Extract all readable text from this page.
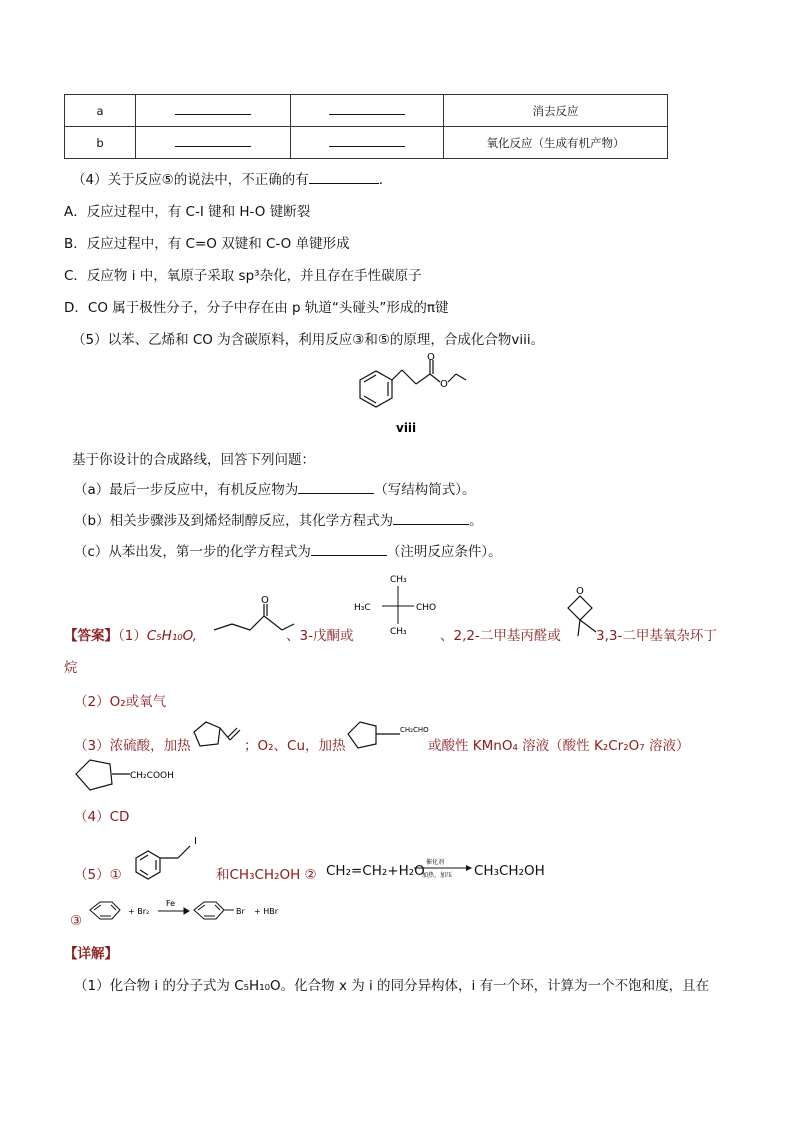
a			消去反应
b			氧化反应（生成有机产物）
（4）关于反应⑤的说法中，不正确的有	．
A．反应过程中，有 C-I 键和 H-O 键断裂
B．反应过程中，有 C=O 双键和 C-O 单键形成
C．反应物 i 中，氧原子采取 sp³杂化，并且存在手性碳原子
D．CO 属于极性分子，分子中存在由 p 轨道“头碰头”形成的π键
（5）以苯、乙烯和 CO 为含碳原料，利用反应③和⑤的原理，合成化合物viii。
O
O
viii
基于你设计的合成路线，回答下列问题：
（a）最后一步反应中，有机反应物为	（写结构简式）。
（b）相关步骤涉及到烯烃制醇反应，其化学方程式为	。
（c）从苯出发，第一步的化学方程式为	（注明反应条件）。
【答案】（1）C₅H₁₀O,
O
、3-戊酮或
CH₃
H₃C	CHO
CH₃ 、2,2-二甲基丙醛或
O
3,3-二甲基氧杂环丁
烷
（2）O₂或氧气
（3）浓硫酸，加热	；O₂、Cu，加热
CH₂CHO
或酸性 KMnO₄ 溶液（酸性 K₂Cr₂O₇ 溶液）
CH₂COOH
（4）CD
（5）①
I
和CH₃CH₂OH ② CH₂=CH₂+H₂O
催化剂
加热、加压 CH₃CH₂OH
③
+ Br₂
Fe
Br + HBr
【详解】
（1）化合物 i 的分子式为 C₅H₁₀O。化合物 x 为 i 的同分异构体，i 有一个环，计算为一个不饱和度，且在
